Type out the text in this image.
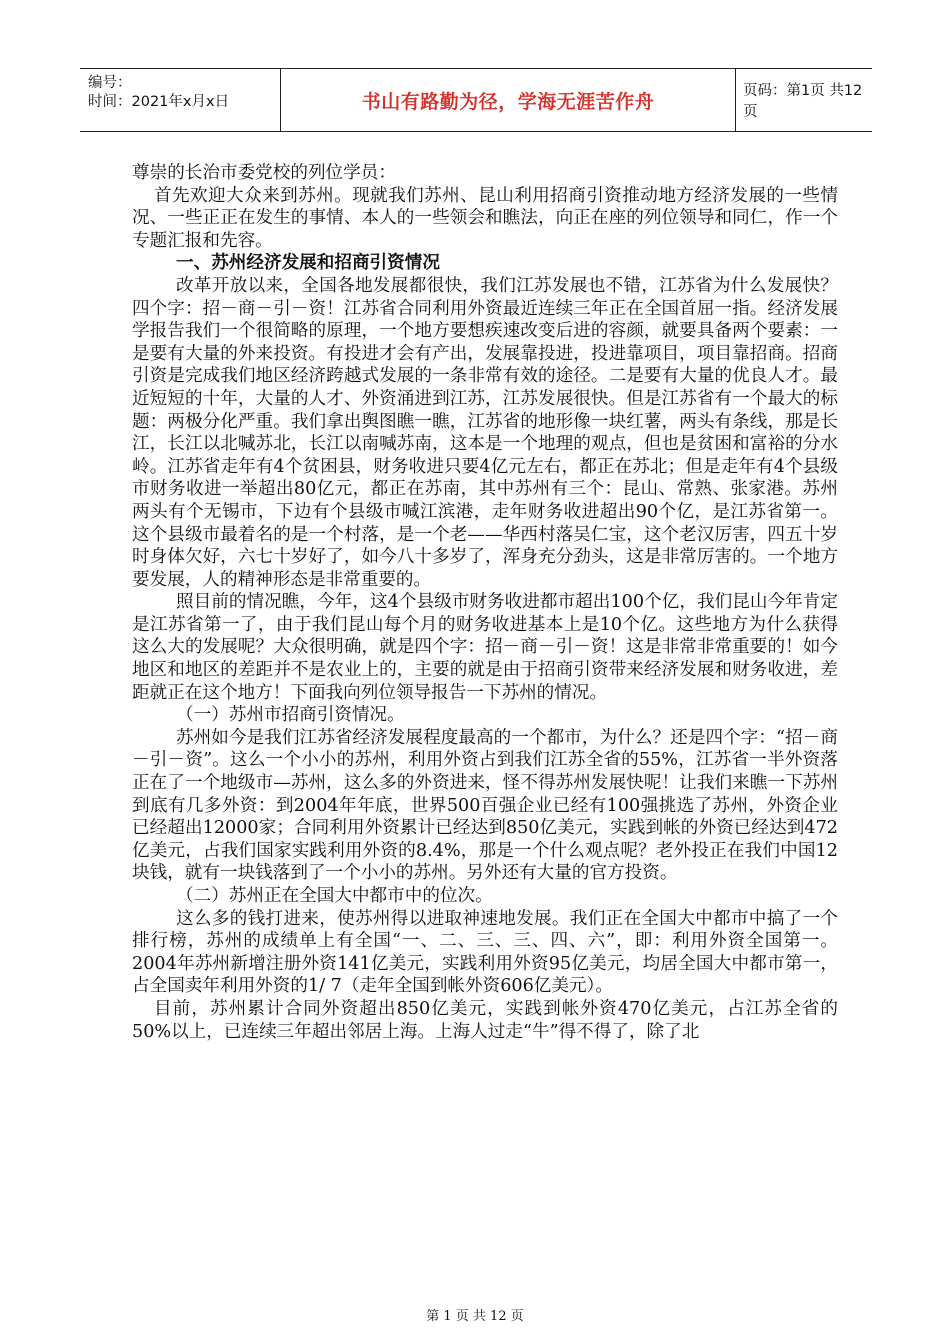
编号：
时间：2021年x月x日	书山有路勤为径，学海无涯苦作舟	页码：第1页 共12页

尊崇的长治市委党校的列位学员：

首先欢迎大众来到苏州。现就我们苏州、昆山利用招商引资推动地方经济发展的一些情况、一些正正在发生的事情、本人的一些领会和瞧法，向正在座的列位领导和同仁，作一个专题汇报和先容。

一、苏州经济发展和招商引资情况

改革开放以来，全国各地发展都很快，我们江苏发展也不错，江苏省为什么发展快？四个字：招－商－引－资！江苏省合同利用外资最近连续三年正在全国首屈一指。经济发展学报告我们一个很简略的原理，一个地方要想疾速改变后进的容颜，就要具备两个要素：一是要有大量的外来投资。有投进才会有产出，发展靠投进，投进靠项目，项目靠招商。招商引资是完成我们地区经济跨越式发展的一条非常有效的途径。二是要有大量的优良人才。最近短短的十年，大量的人才、外资涌进到江苏，江苏发展很快。但是江苏省有一个最大的标题：两极分化严重。我们拿出舆图瞧一瞧，江苏省的地形像一块红薯，两头有条线，那是长江，长江以北喊苏北，长江以南喊苏南，这本是一个地理的观点，但也是贫困和富裕的分水岭。江苏省走年有4个贫困县，财务收进只要4亿元左右，都正在苏北；但是走年有4个县级市财务收进一举超出80亿元，都正在苏南，其中苏州有三个：昆山、常熟、张家港。苏州两头有个无锡市，下边有个县级市喊江滨港，走年财务收进超出90个亿，是江苏省第一。这个县级市最着名的是一个村落，是一个老——华西村落吴仁宝，这个老汉厉害，四五十岁时身体欠好，六七十岁好了，如今八十多岁了，浑身充分劲头，这是非常厉害的。一个地方要发展，人的精神形态是非常重要的。

照目前的情况瞧，今年，这4个县级市财务收进都市超出100个亿，我们昆山今年肯定是江苏省第一了，由于我们昆山每个月的财务收进基本上是10个亿。这些地方为什么获得这么大的发展呢？大众很明确，就是四个字：招－商－引－资！这是非常非常重要的！如今地区和地区的差距并不是农业上的，主要的就是由于招商引资带来经济发展和财务收进，差距就正在这个地方！下面我向列位领导报告一下苏州的情况。

（一）苏州市招商引资情况。

苏州如今是我们江苏省经济发展程度最高的一个都市，为什么？还是四个字：“招－商－引－资”。这么一个小小的苏州，利用外资占到我们江苏全省的55%，江苏省一半外资落正在了一个地级市—苏州，这么多的外资进来，怪不得苏州发展快呢！让我们来瞧一下苏州到底有几多外资：到2004年年底，世界500百强企业已经有100强挑选了苏州，外资企业已经超出12000家；合同利用外资累计已经达到850亿美元，实践到帐的外资已经达到472亿美元，占我们国家实践利用外资的8.4%，那是一个什么观点呢？老外投正在我们中国12块钱，就有一块钱落到了一个小小的苏州。另外还有大量的官方投资。

（二）苏州正在全国大中都市中的位次。

这么多的钱打进来，使苏州得以进取神速地发展。我们正在全国大中都市中搞了一个排行榜，苏州的成绩单上有全国“一、二、三、三、四、六”，即：利用外资全国第一。2004年苏州新增注册外资141亿美元，实践利用外资95亿美元，均居全国大中都市第一，占全国卖年利用外资的1/ 7（走年全国到帐外资606亿美元）。

目前，苏州累计合同外资超出850亿美元，实践到帐外资470亿美元，占江苏全省的50%以上，已连续三年超出邻居上海。上海人过走“牛”得不得了，除了北

第 1 页 共 12 页
